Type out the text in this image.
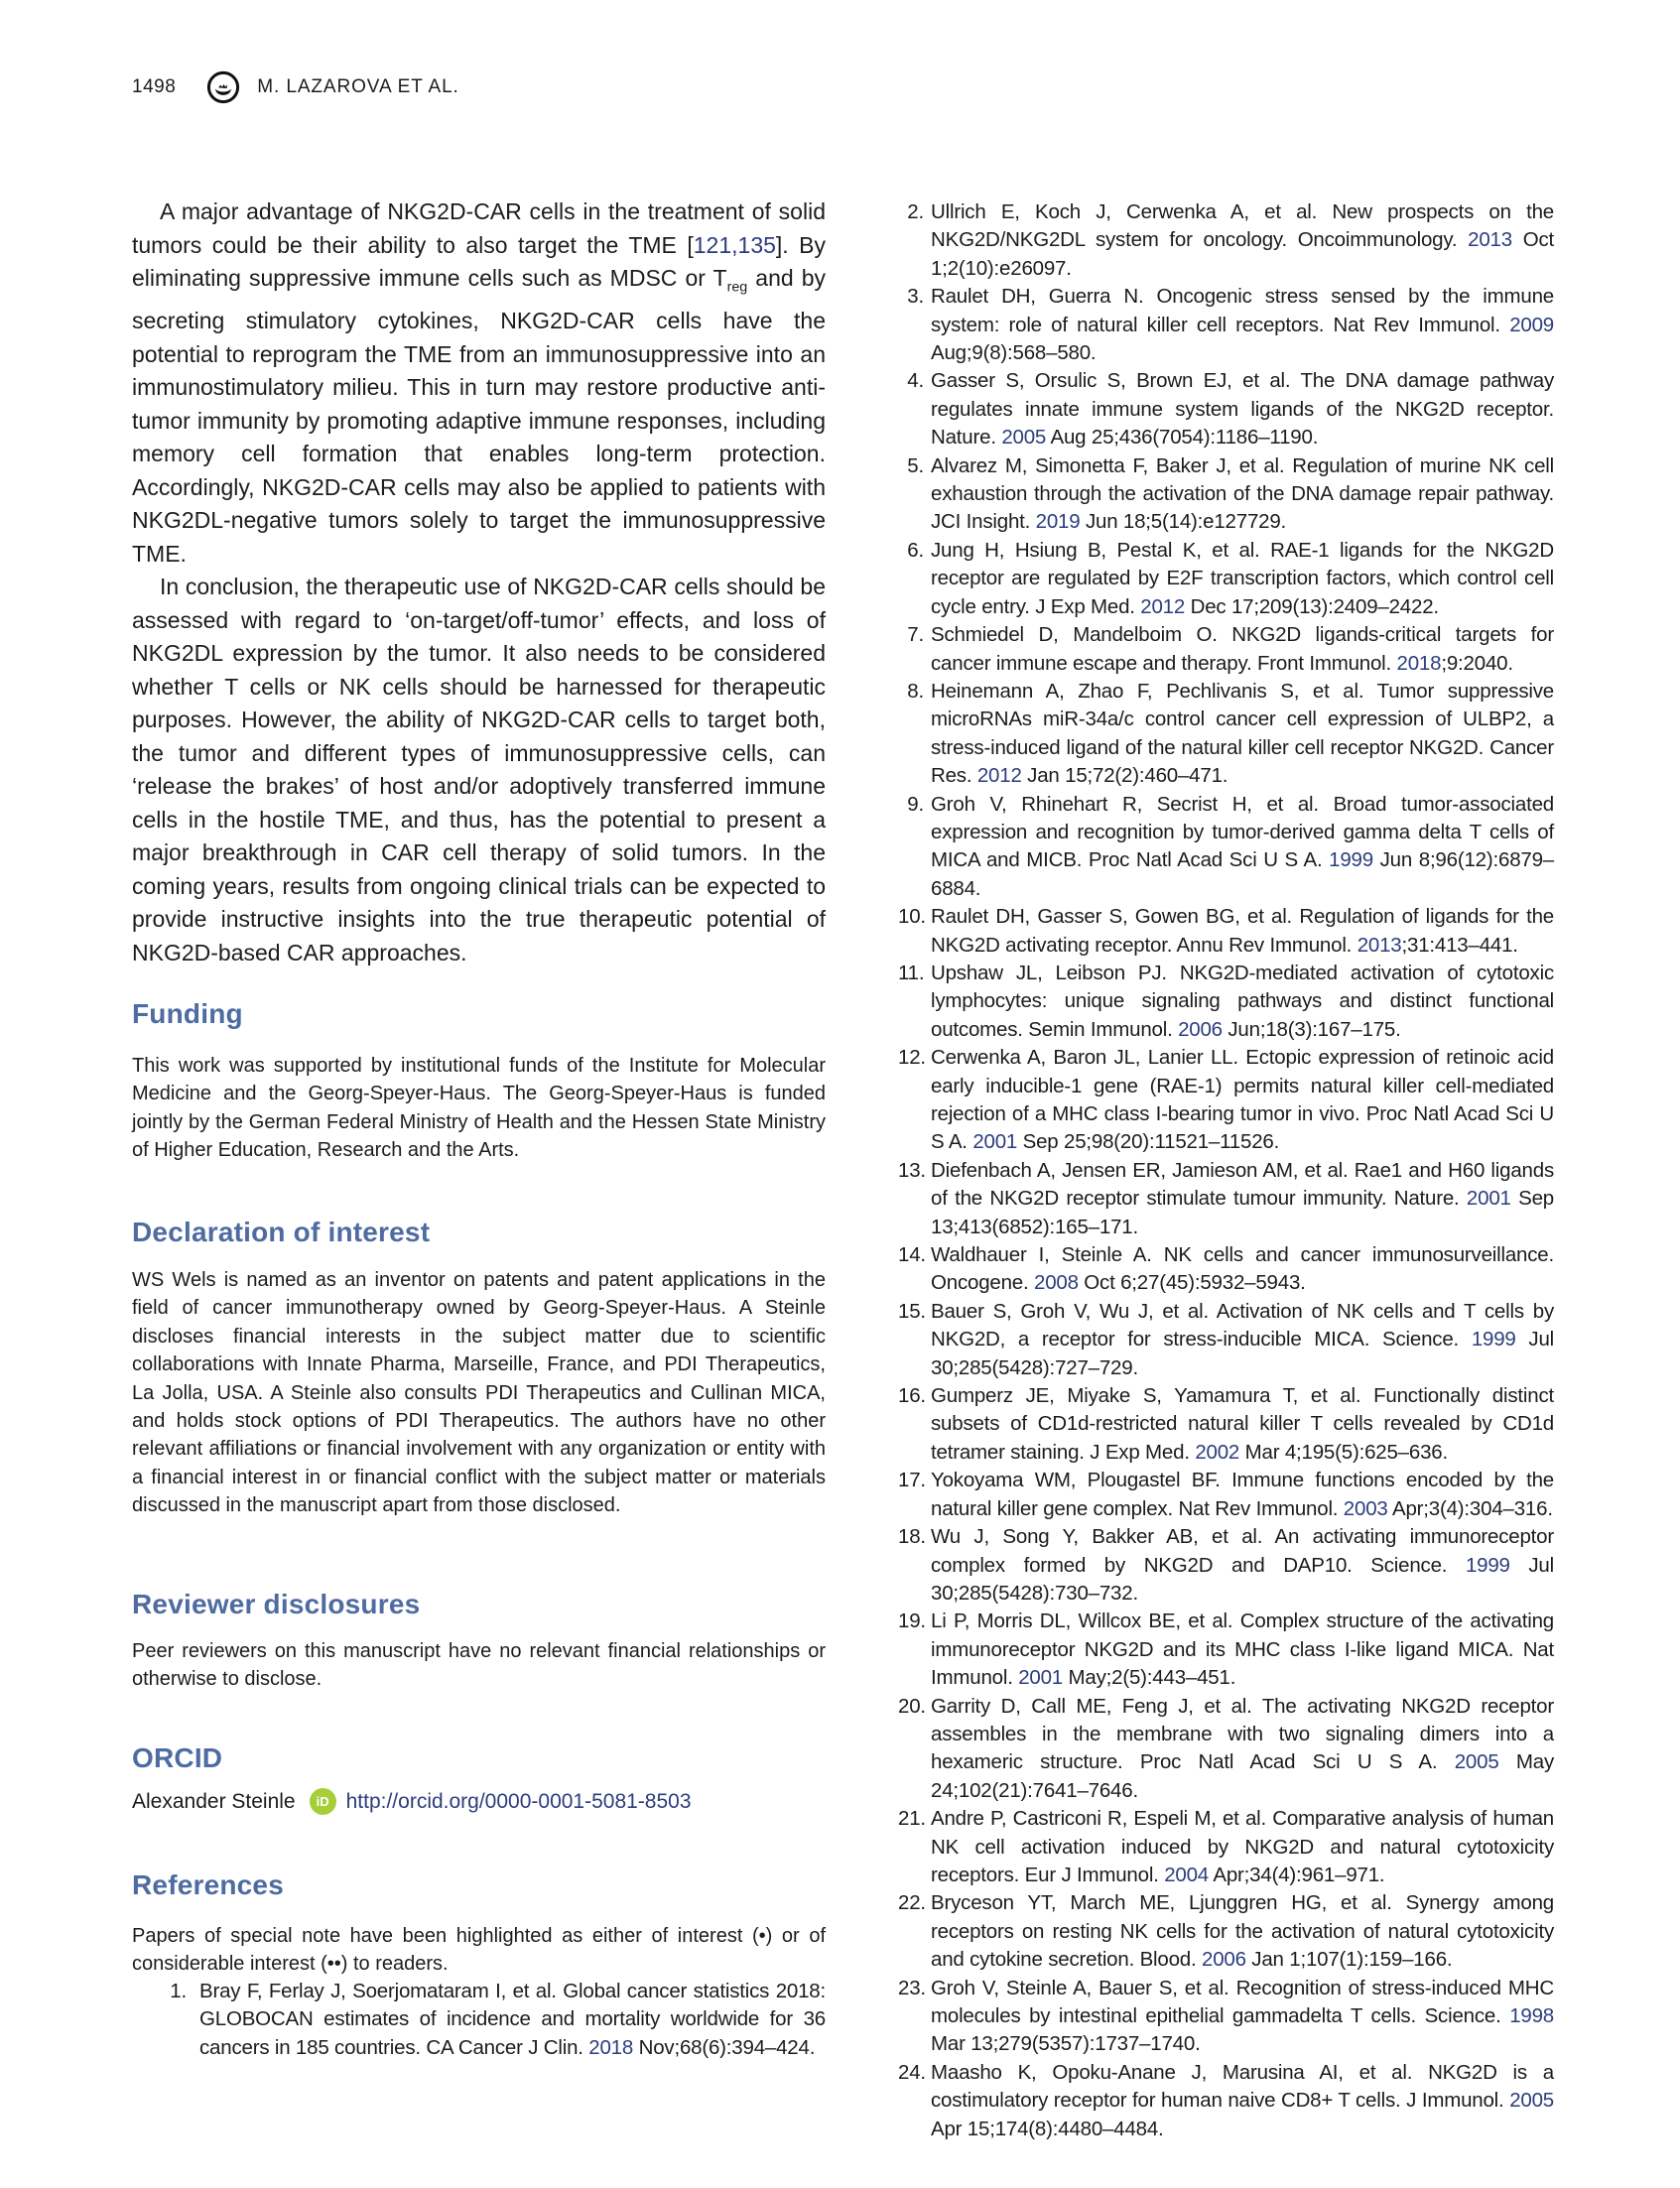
1498	M. LAZAROVA ET AL.

A major advantage of NKG2D-CAR cells in the treatment of solid tumors could be their ability to also target the TME [121,135]. By eliminating suppressive immune cells such as MDSC or $T_{reg}$ and by secreting stimulatory cytokines, NKG2D-CAR cells have the potential to reprogram the TME from an immunosuppressive into an immunostimulatory milieu. This in turn may restore productive anti-tumor immunity by promoting adaptive immune responses, including memory cell formation that enables long-term protection. Accordingly, NKG2D-CAR cells may also be applied to patients with NKG2DL-negative tumors solely to target the immunosuppressive TME.

In conclusion, the therapeutic use of NKG2D-CAR cells should be assessed with regard to ‘on-target/off-tumor’ effects, and loss of NKG2DL expression by the tumor. It also needs to be considered whether T cells or NK cells should be harnessed for therapeutic purposes. However, the ability of NKG2D-CAR cells to target both, the tumor and different types of immunosuppressive cells, can ‘release the brakes’ of host and/or adoptively transferred immune cells in the hostile TME, and thus, has the potential to present a major breakthrough in CAR cell therapy of solid tumors. In the coming years, results from ongoing clinical trials can be expected to provide instructive insights into the true therapeutic potential of NKG2D-based CAR approaches.

Funding

This work was supported by institutional funds of the Institute for Molecular Medicine and the Georg-Speyer-Haus. The Georg-Speyer-Haus is funded jointly by the German Federal Ministry of Health and the Hessen State Ministry of Higher Education, Research and the Arts.

Declaration of interest

WS Wels is named as an inventor on patents and patent applications in the field of cancer immunotherapy owned by Georg-Speyer-Haus. A Steinle discloses financial interests in the subject matter due to scientific collaborations with Innate Pharma, Marseille, France, and PDI Therapeutics, La Jolla, USA. A Steinle also consults PDI Therapeutics and Cullinan MICA, and holds stock options of PDI Therapeutics. The authors have no other relevant affiliations or financial involvement with any organization or entity with a financial interest in or financial conflict with the subject matter or materials discussed in the manuscript apart from those disclosed.

Reviewer disclosures

Peer reviewers on this manuscript have no relevant financial relationships or otherwise to disclose.

ORCID
Alexander Steinle	iD http://orcid.org/0000-0001-5081-8503
References

Papers of special note have been highlighted as either of interest (•) or of considerable interest (••) to readers.

1. Bray F, Ferlay J, Soerjomataram I, et al. Global cancer statistics 2018: GLOBOCAN estimates of incidence and mortality worldwide for 36 cancers in 185 countries. CA Cancer J Clin. 2018 Nov;68(6):394–424.
2. Ullrich E, Koch J, Cerwenka A, et al. New prospects on the NKG2D/NKG2DL system for oncology. Oncoimmunology. 2013 Oct 1;2(10):e26097.
3. Raulet DH, Guerra N. Oncogenic stress sensed by the immune system: role of natural killer cell receptors. Nat Rev Immunol. 2009 Aug;9(8):568–580.
4. Gasser S, Orsulic S, Brown EJ, et al. The DNA damage pathway regulates innate immune system ligands of the NKG2D receptor. Nature. 2005 Aug 25;436(7054):1186–1190.
5. Alvarez M, Simonetta F, Baker J, et al. Regulation of murine NK cell exhaustion through the activation of the DNA damage repair pathway. JCI Insight. 2019 Jun 18;5(14):e127729.
6. Jung H, Hsiung B, Pestal K, et al. RAE-1 ligands for the NKG2D receptor are regulated by E2F transcription factors, which control cell cycle entry. J Exp Med. 2012 Dec 17;209(13):2409–2422.
7. Schmiedel D, Mandelboim O. NKG2D ligands-critical targets for cancer immune escape and therapy. Front Immunol. 2018;9:2040.
8. Heinemann A, Zhao F, Pechlivanis S, et al. Tumor suppressive microRNAs miR-34a/c control cancer cell expression of ULBP2, a stress-induced ligand of the natural killer cell receptor NKG2D. Cancer Res. 2012 Jan 15;72(2):460–471.
9. Groh V, Rhinehart R, Secrist H, et al. Broad tumor-associated expression and recognition by tumor-derived gamma delta T cells of MICA and MICB. Proc Natl Acad Sci U S A. 1999 Jun 8;96(12):6879–6884.
10. Raulet DH, Gasser S, Gowen BG, et al. Regulation of ligands for the NKG2D activating receptor. Annu Rev Immunol. 2013;31:413–441.
11. Upshaw JL, Leibson PJ. NKG2D-mediated activation of cytotoxic lymphocytes: unique signaling pathways and distinct functional outcomes. Semin Immunol. 2006 Jun;18(3):167–175.
12. Cerwenka A, Baron JL, Lanier LL. Ectopic expression of retinoic acid early inducible-1 gene (RAE-1) permits natural killer cell-mediated rejection of a MHC class I-bearing tumor in vivo. Proc Natl Acad Sci U S A. 2001 Sep 25;98(20):11521–11526.
13. Diefenbach A, Jensen ER, Jamieson AM, et al. Rae1 and H60 ligands of the NKG2D receptor stimulate tumour immunity. Nature. 2001 Sep 13;413(6852):165–171.
14. Waldhauer I, Steinle A. NK cells and cancer immunosurveillance. Oncogene. 2008 Oct 6;27(45):5932–5943.
15. Bauer S, Groh V, Wu J, et al. Activation of NK cells and T cells by NKG2D, a receptor for stress-inducible MICA. Science. 1999 Jul 30;285(5428):727–729.
16. Gumperz JE, Miyake S, Yamamura T, et al. Functionally distinct subsets of CD1d-restricted natural killer T cells revealed by CD1d tetramer staining. J Exp Med. 2002 Mar 4;195(5):625–636.
17. Yokoyama WM, Plougastel BF. Immune functions encoded by the natural killer gene complex. Nat Rev Immunol. 2003 Apr;3(4):304–316.
18. Wu J, Song Y, Bakker AB, et al. An activating immunoreceptor complex formed by NKG2D and DAP10. Science. 1999 Jul 30;285(5428):730–732.
19. Li P, Morris DL, Willcox BE, et al. Complex structure of the activating immunoreceptor NKG2D and its MHC class I-like ligand MICA. Nat Immunol. 2001 May;2(5):443–451.
20. Garrity D, Call ME, Feng J, et al. The activating NKG2D receptor assembles in the membrane with two signaling dimers into a hexameric structure. Proc Natl Acad Sci U S A. 2005 May 24;102(21):7641–7646.
21. Andre P, Castriconi R, Espeli M, et al. Comparative analysis of human NK cell activation induced by NKG2D and natural cytotoxicity receptors. Eur J Immunol. 2004 Apr;34(4):961–971.
22. Bryceson YT, March ME, Ljunggren HG, et al. Synergy among receptors on resting NK cells for the activation of natural cytotoxicity and cytokine secretion. Blood. 2006 Jan 1;107(1):159–166.
23. Groh V, Steinle A, Bauer S, et al. Recognition of stress-induced MHC molecules by intestinal epithelial gammadelta T cells. Science. 1998 Mar 13;279(5357):1737–1740.
24. Maasho K, Opoku-Anane J, Marusina AI, et al. NKG2D is a costimulatory receptor for human naive CD8+ T cells. J Immunol. 2005 Apr 15;174(8):4480–4484.
